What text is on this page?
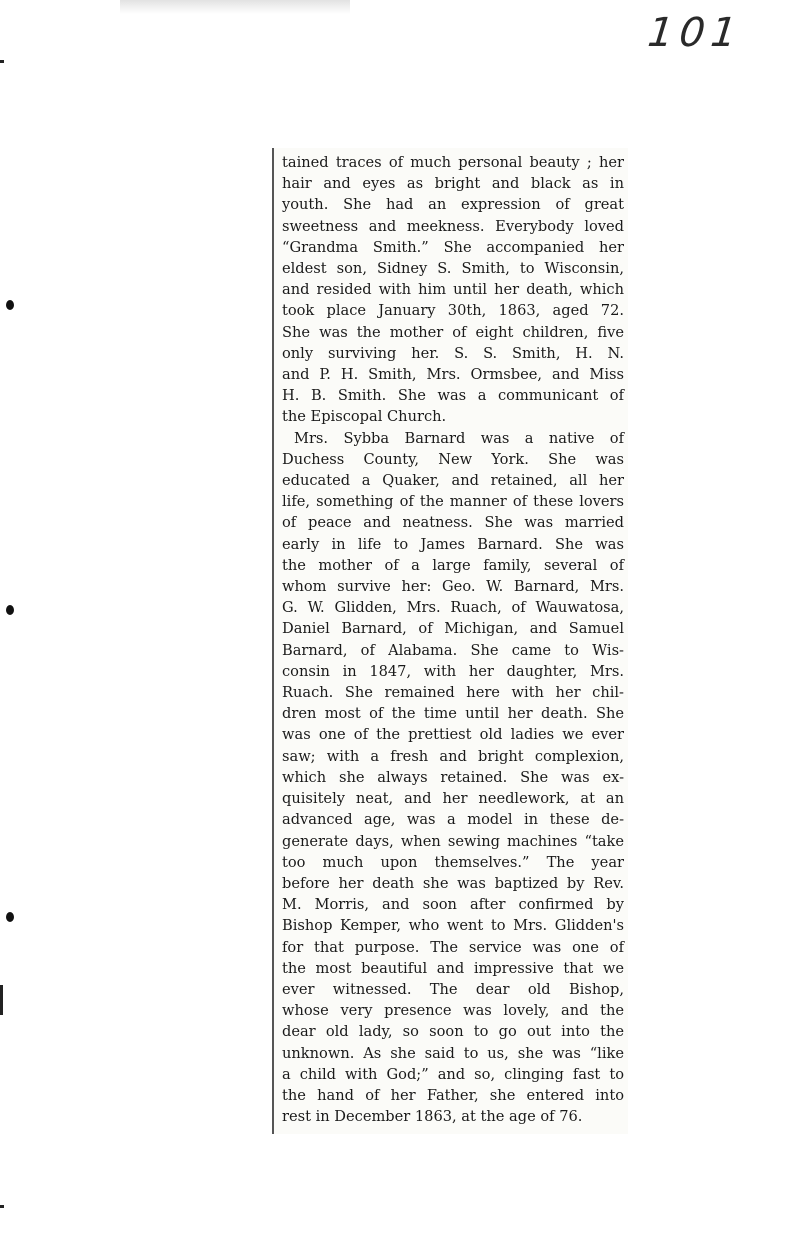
101
tained traces of much personal beauty ; her
hair and eyes as bright and black as in
youth. She had an expression of great
sweetness and meekness. Everybody loved
“Grandma Smith.” She accompanied her
eldest son, Sidney S. Smith, to Wisconsin,
and resided with him until her death, which
took place January 30th, 1863, aged 72.
She was the mother of eight children, five
only surviving her. S. S. Smith, H. N.
and P. H. Smith, Mrs. Ormsbee, and Miss
H. B. Smith. She was a communicant of
the Episcopal Church.
Mrs. Sybba Barnard was a native of
Duchess County, New York. She was
educated a Quaker, and retained, all her
life, something of the manner of these lovers
of peace and neatness. She was married
early in life to James Barnard. She was
the mother of a large family, several of
whom survive her: Geo. W. Barnard, Mrs.
G. W. Glidden, Mrs. Ruach, of Wauwatosa,
Daniel Barnard, of Michigan, and Samuel
Barnard, of Alabama. She came to Wis-
consin in 1847, with her daughter, Mrs.
Ruach. She remained here with her chil-
dren most of the time until her death. She
was one of the prettiest old ladies we ever
saw; with a fresh and bright complexion,
which she always retained. She was ex-
quisitely neat, and her needlework, at an
advanced age, was a model in these de-
generate days, when sewing machines “take
too much upon themselves.” The year
before her death she was baptized by Rev.
M. Morris, and soon after confirmed by
Bishop Kemper, who went to Mrs. Glidden's
for that purpose. The service was one of
the most beautiful and impressive that we
ever witnessed. The dear old Bishop,
whose very presence was lovely, and the
dear old lady, so soon to go out into the
unknown. As she said to us, she was “like
a child with God;” and so, clinging fast to
the hand of her Father, she entered into
rest in December 1863, at the age of 76.
